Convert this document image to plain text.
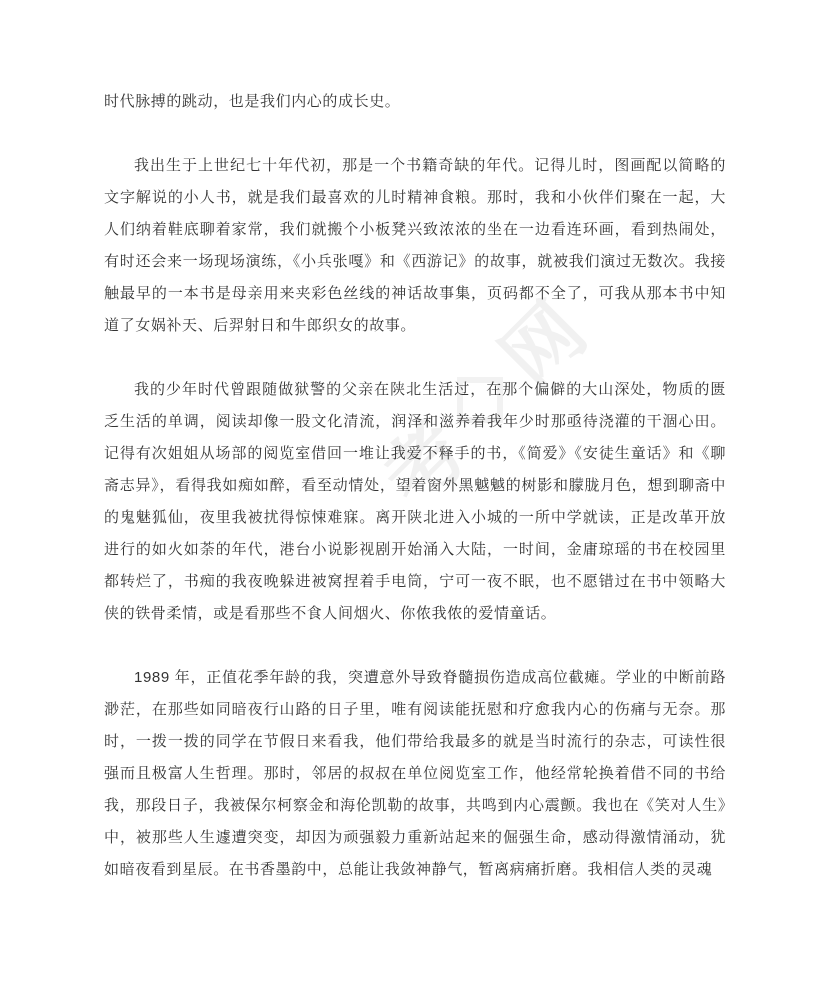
考
网

时代脉搏的跳动，也是我们内心的成长史。

我出生于上世纪七十年代初，那是一个书籍奇缺的年代。记得儿时，图画配以简略的文字解说的小人书，就是我们最喜欢的儿时精神食粮。那时，我和小伙伴们聚在一起，大人们纳着鞋底聊着家常，我们就搬个小板凳兴致浓浓的坐在一边看连环画，看到热闹处，有时还会来一场现场演练，《小兵张嘎》和《西游记》的故事，就被我们演过无数次。我接触最早的一本书是母亲用来夹彩色丝线的神话故事集，页码都不全了，可我从那本书中知道了女娲补天、后羿射日和牛郎织女的故事。

我的少年时代曾跟随做狱警的父亲在陕北生活过，在那个偏僻的大山深处，物质的匮乏生活的单调，阅读却像一股文化清流，润泽和滋养着我年少时那亟待浇灌的干涸心田。记得有次姐姐从场部的阅览室借回一堆让我爱不释手的书，《简爱》《安徒生童话》和《聊斋志异》，看得我如痴如醉，看至动情处，望着窗外黑魆魆的树影和朦胧月色，想到聊斋中的鬼魅狐仙，夜里我被扰得惊悚难寐。离开陕北进入小城的一所中学就读，正是改革开放进行的如火如荼的年代，港台小说影视剧开始涌入大陆，一时间，金庸琼瑶的书在校园里都转烂了，书痴的我夜晚躲进被窝捏着手电筒，宁可一夜不眠，也不愿错过在书中领略大侠的铁骨柔情，或是看那些不食人间烟火、你侬我侬的爱情童话。

1989 年，正值花季年龄的我，突遭意外导致脊髓损伤造成高位截瘫。学业的中断前路渺茫，在那些如同暗夜行山路的日子里，唯有阅读能抚慰和疗愈我内心的伤痛与无奈。那时，一拨一拨的同学在节假日来看我，他们带给我最多的就是当时流行的杂志，可读性很强而且极富人生哲理。那时，邻居的叔叔在单位阅览室工作，他经常轮换着借不同的书给我，那段日子，我被保尔柯察金和海伦凯勒的故事，共鸣到内心震颤。我也在《笑对人生》中，被那些人生遽遭突变，却因为顽强毅力重新站起来的倔强生命，感动得激情涌动，犹如暗夜看到星辰。在书香墨韵中，总能让我敛神静气，暂离病痛折磨。我相信人类的灵魂
